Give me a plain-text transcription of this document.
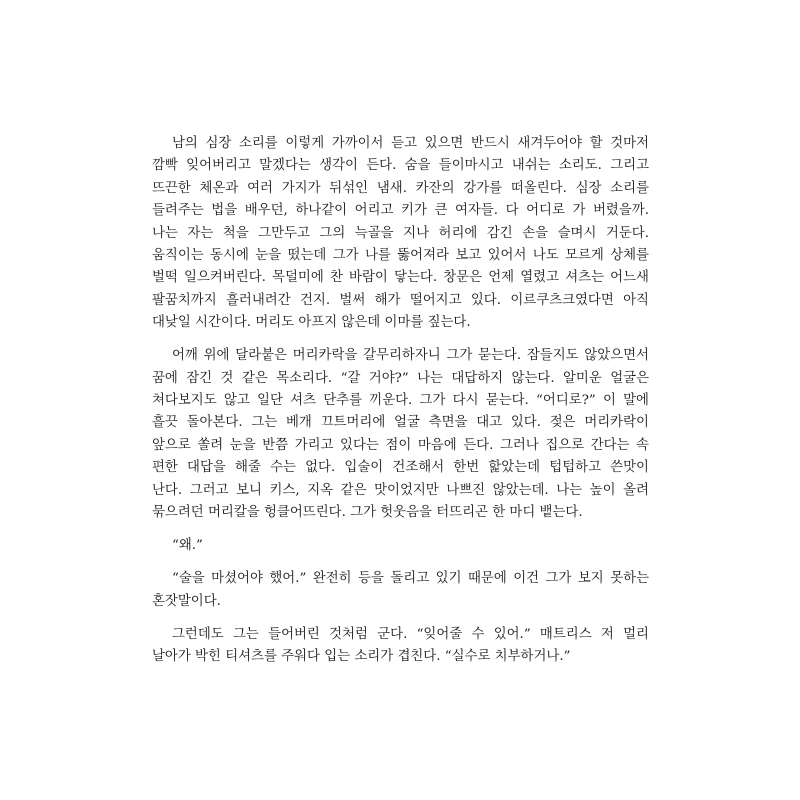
남의 심장 소리를 이렇게 가까이서 듣고 있으면 반드시 새겨두어야 할 것마저
깜빡 잊어버리고 말겠다는 생각이 든다. 숨을 들이마시고 내쉬는 소리도. 그리고
뜨끈한 체온과 여러 가지가 뒤섞인 냄새. 카잔의 강가를 떠올린다. 심장 소리를
들려주는 법을 배우던, 하나같이 어리고 키가 큰 여자들. 다 어디로 가 버렸을까.
나는 자는 척을 그만두고 그의 늑골을 지나 허리에 감긴 손을 슬며시 거둔다.
움직이는 동시에 눈을 떴는데 그가 나를 뚫어져라 보고 있어서 나도 모르게 상체를
벌떡 일으켜버린다. 목덜미에 찬 바람이 닿는다. 창문은 언제 열렸고 셔츠는 어느새
팔꿈치까지 흘러내려간 건지. 벌써 해가 떨어지고 있다. 이르쿠츠크였다면 아직
대낮일 시간이다. 머리도 아프지 않은데 이마를 짚는다.

어깨 위에 달라붙은 머리카락을 갈무리하자니 그가 묻는다. 잠들지도 않았으면서
꿈에 잠긴 것 같은 목소리다. “갈 거야?” 나는 대답하지 않는다. 알미운 얼굴은
쳐다보지도 않고 일단 셔츠 단추를 끼운다. 그가 다시 묻는다. “어디로?” 이 말에
흘끗 돌아본다. 그는 베개 끄트머리에 얼굴 측면을 대고 있다. 젖은 머리카락이
앞으로 쏠려 눈을 반쯤 가리고 있다는 점이 마음에 든다. 그러나 집으로 간다는 속
편한 대답을 해줄 수는 없다. 입술이 건조해서 한번 핥았는데 텁텁하고 쓴맛이
난다. 그러고 보니 키스, 지옥 같은 맛이었지만 나쁘진 않았는데. 나는 높이 올려
묶으려던 머리칼을 헝클어뜨린다. 그가 헛웃음을 터뜨리곤 한 마디 뱉는다.

“왜.”

“술을 마셨어야 했어.” 완전히 등을 돌리고 있기 때문에 이건 그가 보지 못하는
혼잣말이다.

그런데도 그는 들어버린 것처럼 군다. “잊어줄 수 있어.” 매트리스 저 멀리
날아가 박힌 티셔츠를 주워다 입는 소리가 겹친다. “실수로 치부하거나.”
